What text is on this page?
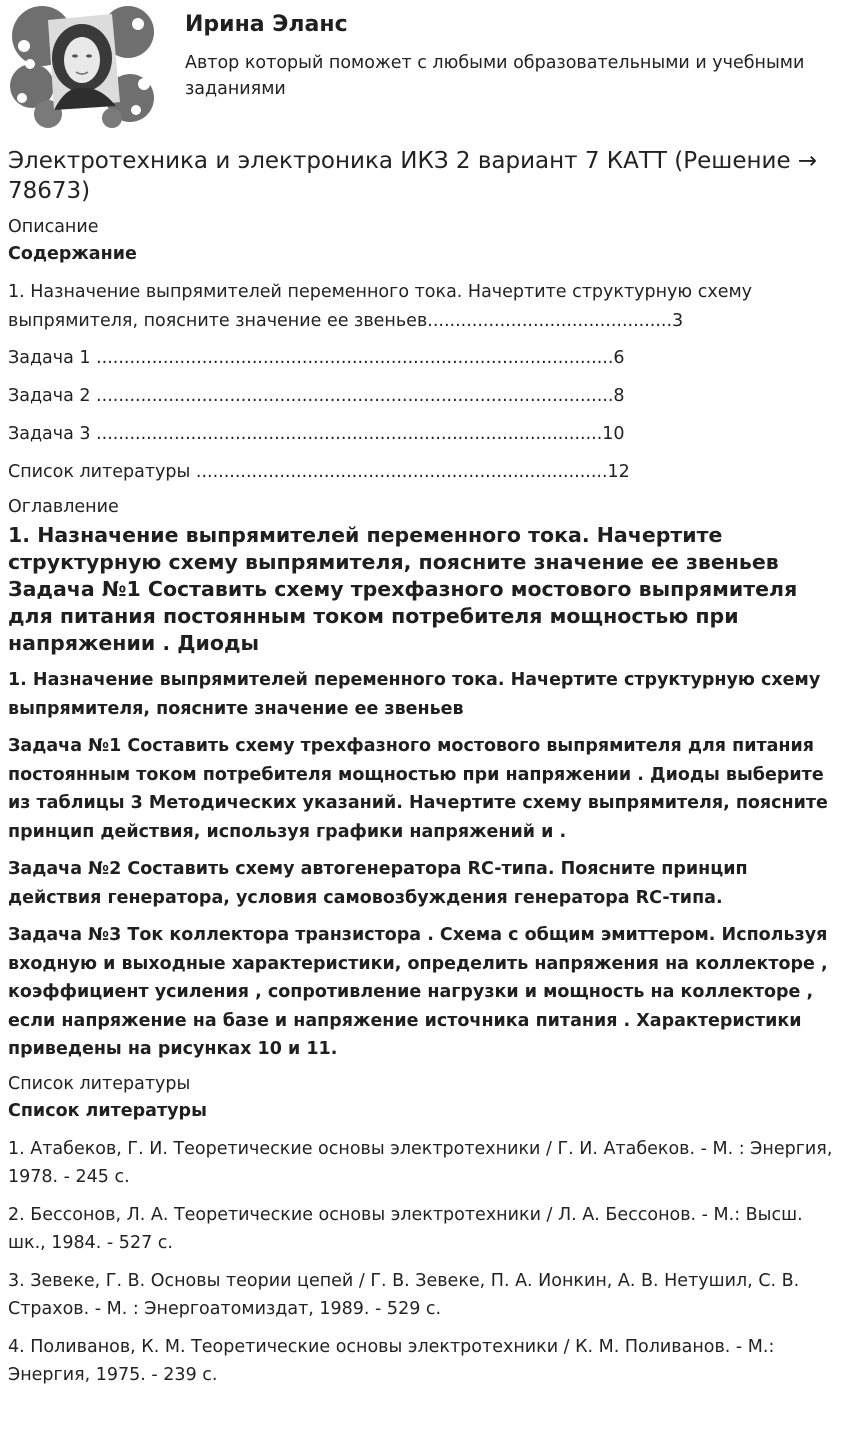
Ирина Эланс

Автор который поможет с любыми образовательными и учебными заданиями

Электротехника и электроника ИКЗ 2 вариант 7 КАТТ (Решение → 78673)
Описание
Содержание
1. Назначение выпрямителей переменного тока. Начертите структурную схему выпрямителя, поясните значение ее звеньев............................................3
Задача 1 .............................................................................................6
Задача 2 .............................................................................................8
Задача 3 ...........................................................................................10
Список литературы ..........................................................................12
Оглавление
1. Назначение выпрямителей переменного тока. Начертите структурную схему выпрямителя, поясните значение ее звеньев Задача №1 Составить схему трехфазного мостового выпрямителя для питания постоянным током потребителя мощностью при напряжении . Диоды
1. Назначение выпрямителей переменного тока. Начертите структурную схему выпрямителя, поясните значение ее звеньев
Задача №1 Составить схему трехфазного мостового выпрямителя для питания постоянным током потребителя мощностью при напряжении . Диоды выберите из таблицы 3 Методических указаний. Начертите схему выпрямителя, поясните принцип действия, используя графики напряжений и .
Задача №2 Составить схему автогенератора RC-типа. Поясните принцип действия генератора, условия самовозбуждения генератора RC-типа.
Задача №3 Ток коллектора транзистора . Схема с общим эмиттером. Используя входную и выходные характеристики, определить напряжения на коллекторе , коэффициент усиления , сопротивление нагрузки и мощность на коллекторе , если напряжение на базе и напряжение источника питания . Характеристики приведены на рисунках 10 и 11.
Список литературы
Список литературы
1. Атабеков, Г. И. Теоретические основы электротехники / Г. И. Атабеков. - М. : Энергия, 1978. - 245 с.
2. Бессонов, Л. А. Теоретические основы электротехники / Л. А. Бессонов. - М.: Высш. шк., 1984. - 527 с.
3. Зевеке, Г. В. Основы теории цепей / Г. В. Зевеке, П. А. Ионкин, А. В. Нетушил, С. В. Страхов. - М. : Энергоатомиздат, 1989. - 529 с.
4. Поливанов, К. М. Теоретические основы электротехники / К. М. Поливанов. - М.: Энергия, 1975. - 239 с.
